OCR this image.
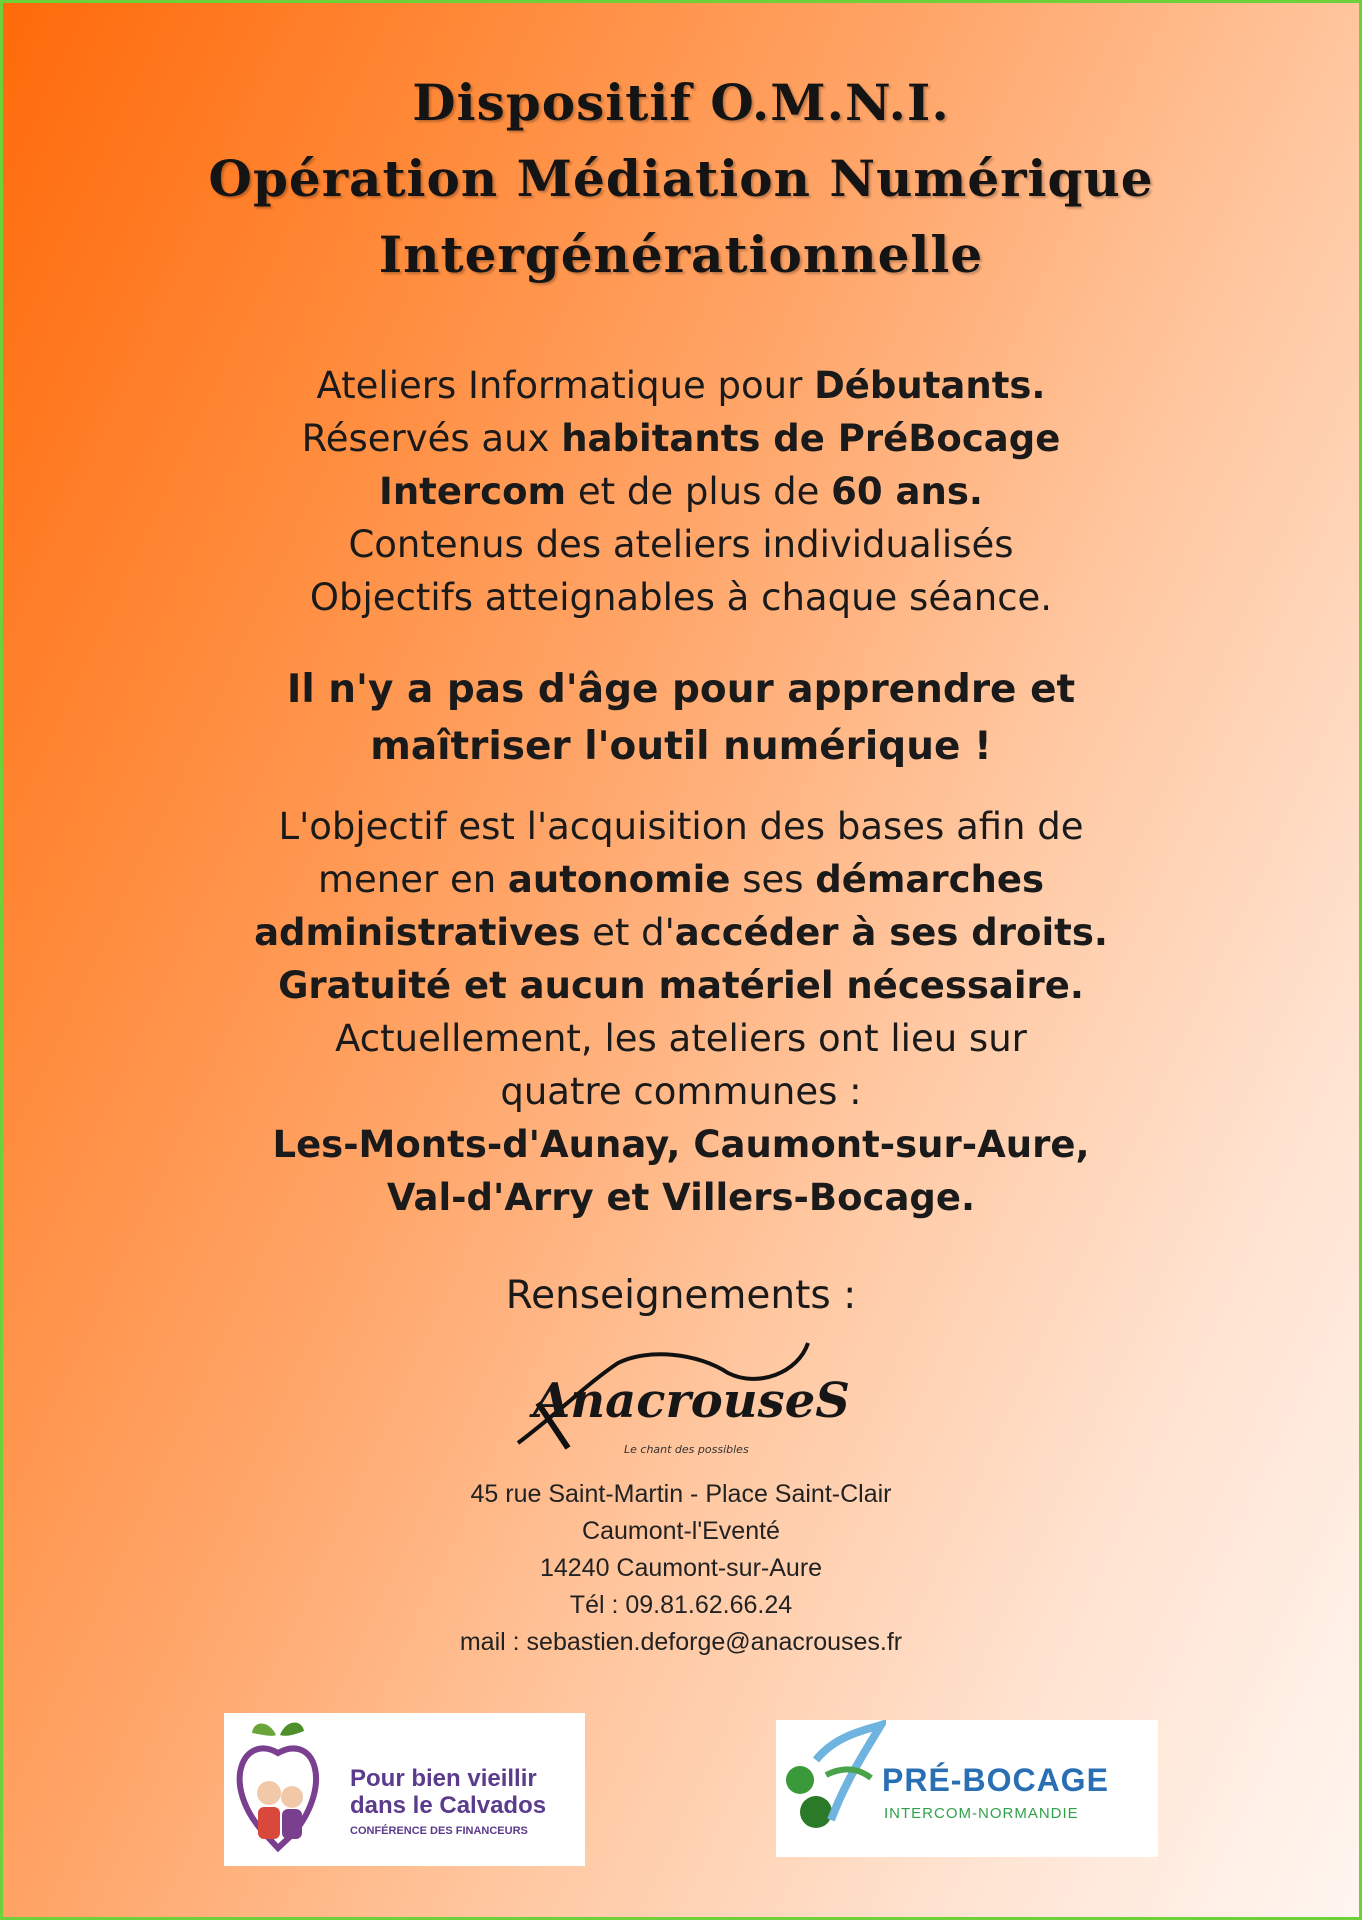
Dispositif O.M.N.I.
Opération Médiation Numérique
Intergénérationnelle
Ateliers Informatique pour Débutants.
Réservés aux habitants de PréBocage
Intercom et de plus de 60 ans.
Contenus des ateliers individualisés
Objectifs atteignables à chaque séance.
Il n'y a pas d'âge pour apprendre et
maîtriser l'outil numérique !
L'objectif est l'acquisition des bases afin de
mener en autonomie ses démarches
administratives et d'accéder à ses droits.
Gratuité et aucun matériel nécessaire.
Actuellement, les ateliers ont lieu sur
quatre communes :
Les-Monts-d'Aunay, Caumont-sur-Aure,
Val-d'Arry et Villers-Bocage.
Renseignements :
AnacrouseS
Le chant des possibles
45 rue Saint-Martin - Place Saint-Clair
Caumont-l'Eventé
14240 Caumont-sur-Aure
Tél : 09.81.62.66.24
mail : sebastien.deforge@anacrouses.fr
Pour bien vieillir
dans le Calvados
CONFÉRENCE DES FINANCEURS
PRÉ-BOCAGE
INTERCOM-NORMANDIE
